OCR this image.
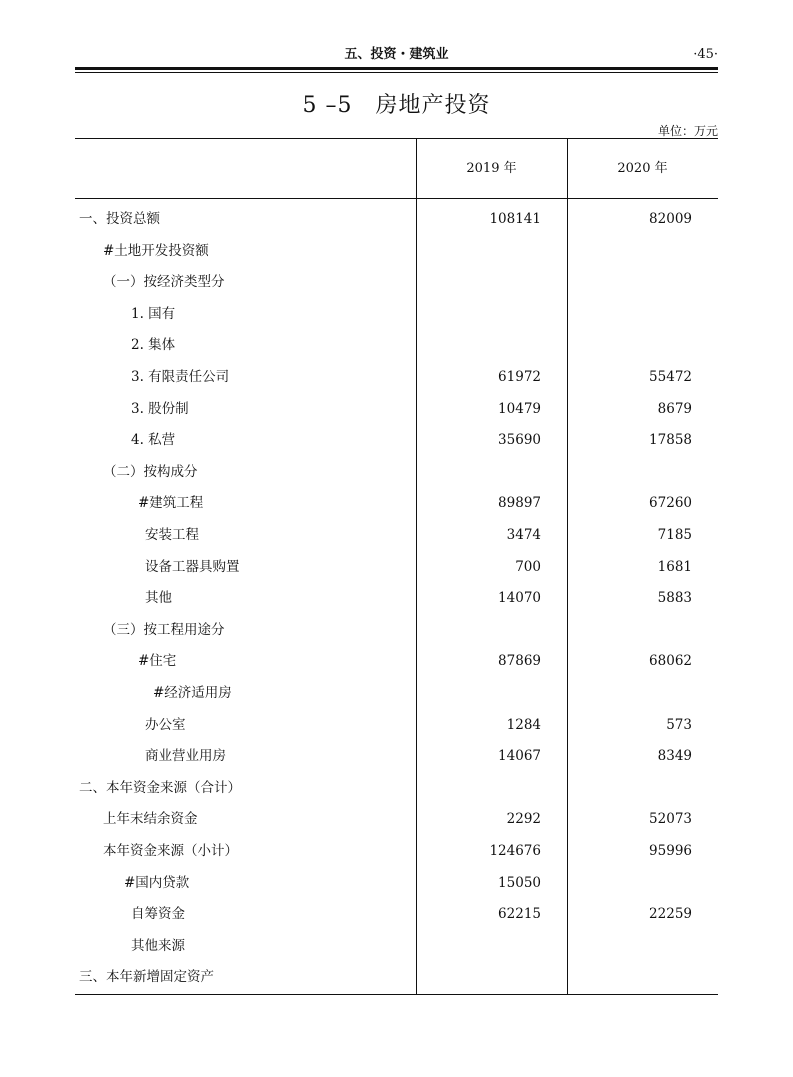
五、投资・建筑业	·45·
5 –5　房地产投资
单位：万元
2019 年	2020 年
一、投资总额	108141	82009
#土地开发投资额
（一）按经济类型分
1. 国有
2. 集体
3. 有限责任公司	61972	55472
3. 股份制	10479	8679
4. 私营	35690	17858
（二）按构成分
#建筑工程	89897	67260
安装工程	3474	7185
设备工器具购置	700	1681
其他	14070	5883
（三）按工程用途分
#住宅	87869	68062
#经济适用房
办公室	1284	573
商业营业用房	14067	8349
二、本年资金来源（合计）
上年末结余资金	2292	52073
本年资金来源（小计）	124676	95996
#国内贷款	15050
自筹资金	62215	22259
其他来源
三、本年新增固定资产
